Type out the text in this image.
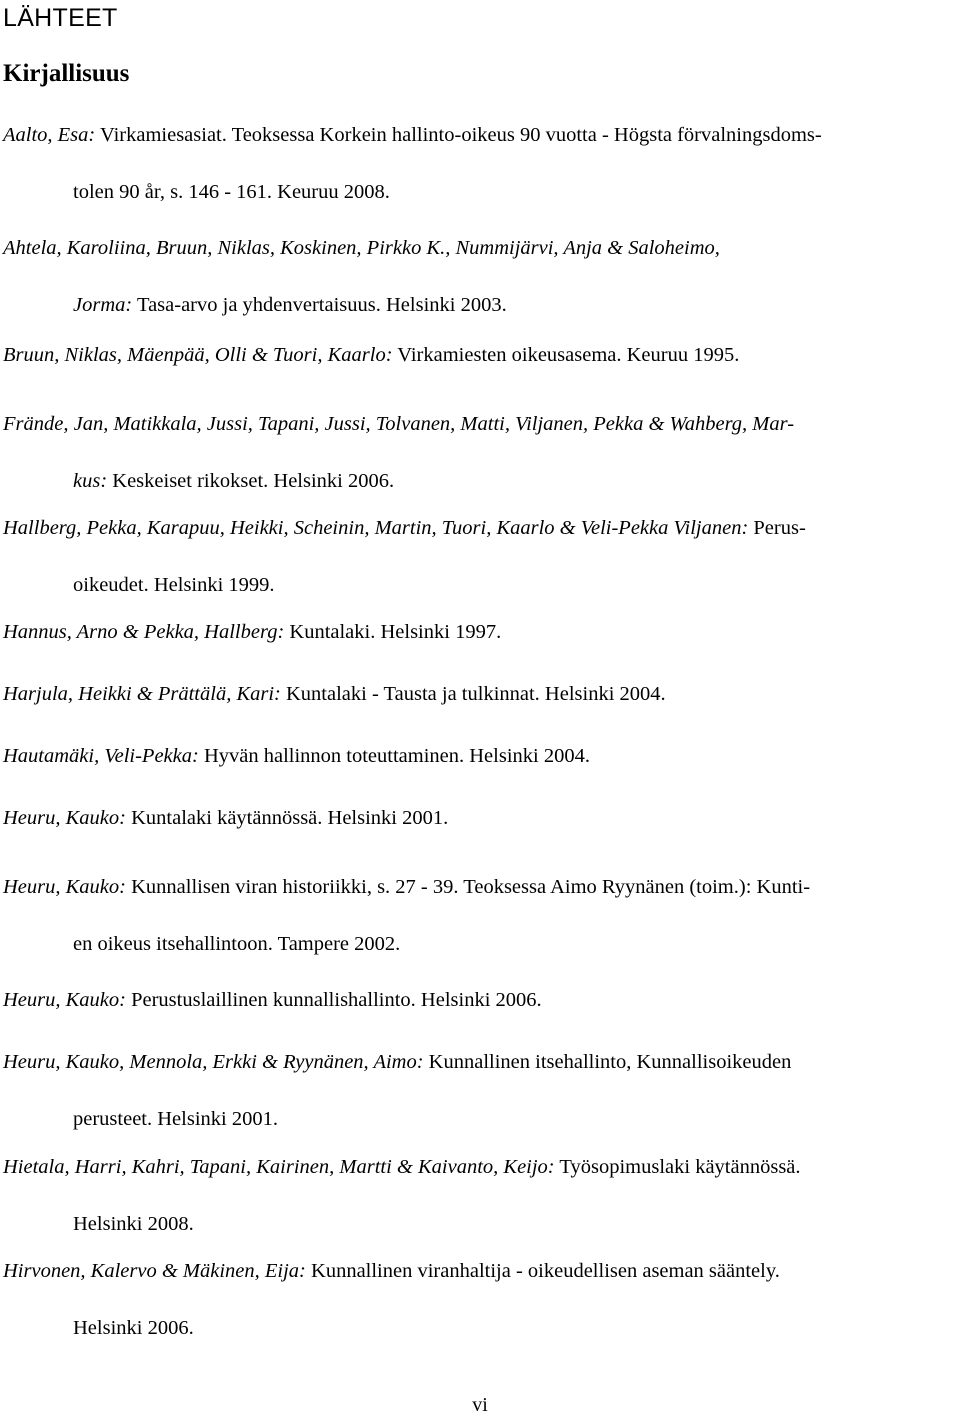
LÄHTEET
Kirjallisuus
Aalto, Esa: Virkamiesasiat. Teoksessa Korkein hallinto-oikeus 90 vuotta - Högsta förvalningsdoms-
tolen 90 år, s. 146 - 161. Keuruu 2008.
Ahtela, Karoliina, Bruun, Niklas, Koskinen, Pirkko K., Nummijärvi, Anja & Saloheimo,
Jorma: Tasa-arvo ja yhdenvertaisuus. Helsinki 2003.
Bruun, Niklas, Mäenpää, Olli & Tuori, Kaarlo: Virkamiesten oikeusasema. Keuruu 1995.
Frände, Jan, Matikkala, Jussi, Tapani, Jussi, Tolvanen, Matti, Viljanen, Pekka & Wahberg, Mar-
kus: Keskeiset rikokset. Helsinki 2006.
Hallberg, Pekka, Karapuu, Heikki, Scheinin, Martin, Tuori, Kaarlo & Veli-Pekka Viljanen: Perus-
oikeudet. Helsinki 1999.
Hannus, Arno & Pekka, Hallberg: Kuntalaki. Helsinki 1997.
Harjula, Heikki & Prättälä, Kari: Kuntalaki - Tausta ja tulkinnat. Helsinki 2004.
Hautamäki, Veli-Pekka: Hyvän hallinnon toteuttaminen. Helsinki 2004.
Heuru, Kauko: Kuntalaki käytännössä. Helsinki 2001.
Heuru, Kauko: Kunnallisen viran historiikki, s. 27 - 39. Teoksessa Aimo Ryynänen (toim.): Kunti-
en oikeus itsehallintoon. Tampere 2002.
Heuru, Kauko: Perustuslaillinen kunnallishallinto. Helsinki 2006.
Heuru, Kauko, Mennola, Erkki & Ryynänen, Aimo: Kunnallinen itsehallinto, Kunnallisoikeuden
perusteet. Helsinki 2001.
Hietala, Harri, Kahri, Tapani, Kairinen, Martti & Kaivanto, Keijo: Työsopimuslaki käytännössä.
Helsinki 2008.
Hirvonen, Kalervo & Mäkinen, Eija: Kunnallinen viranhaltija - oikeudellisen aseman sääntely.
Helsinki 2006.
vi
